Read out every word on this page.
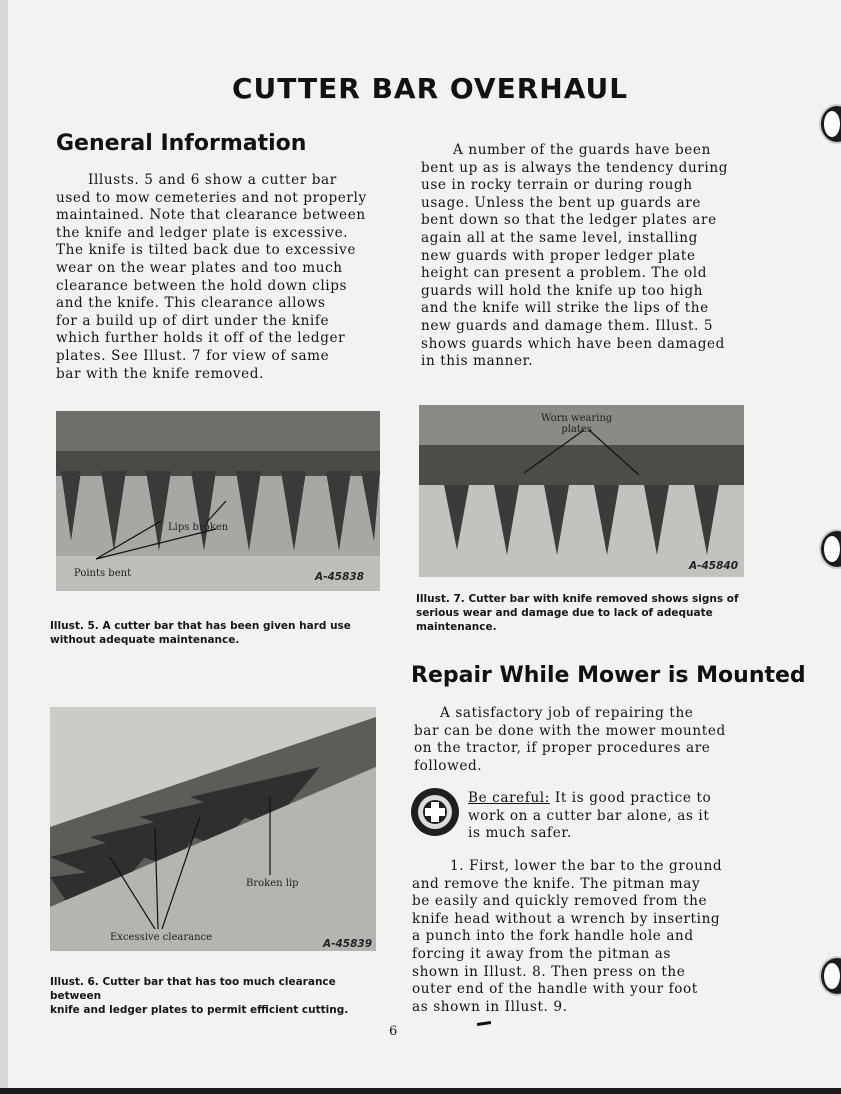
CUTTER BAR OVERHAUL
General Information

Illusts. 5 and 6 show a cutter bar
used to mow cemeteries and not properly
maintained. Note that clearance between
the knife and ledger plate is excessive.
The knife is tilted back due to excessive
wear on the wear plates and too much
clearance between the hold down clips
and the knife. This clearance allows
for a build up of dirt under the knife
which further holds it off of the ledger
plates. See Illust. 7 for view of same
bar with the knife removed.

A number of the guards have been
bent up as is always the tendency during
use in rocky terrain or during rough
usage. Unless the bent up guards are
bent down so that the ledger plates are
again all at the same level, installing
new guards with proper ledger plate
height can present a problem. The old
guards will hold the knife up too high
and the knife will strike the lips of the
new guards and damage them. Illust. 5
shows guards which have been damaged
in this manner.

Lips broken
Points bent	A-45838

Illust. 5. A cutter bar that has been given hard use
without adequate maintenance.

Worn wearing
plates
A-45840

Illust. 7. Cutter bar with knife removed shows signs of
serious wear and damage due to lack of adequate
maintenance.

Repair While Mower is Mounted

A satisfactory job of repairing the
bar can be done with the mower mounted
on the tractor, if proper procedures are
followed.

Be careful: It is good practice to
work on a cutter bar alone, as it
is much safer.

1. First, lower the bar to the ground
and remove the knife. The pitman may
be easily and quickly removed from the
knife head without a wrench by inserting
a punch into the fork handle hole and
forcing it away from the pitman as
shown in Illust. 8. Then press on the
outer end of the handle with your foot
as shown in Illust. 9.

Broken lip
Excessive clearance
A-45839

Illust. 6. Cutter bar that has too much clearance between
knife and ledger plates to permit efficient cutting.

6
